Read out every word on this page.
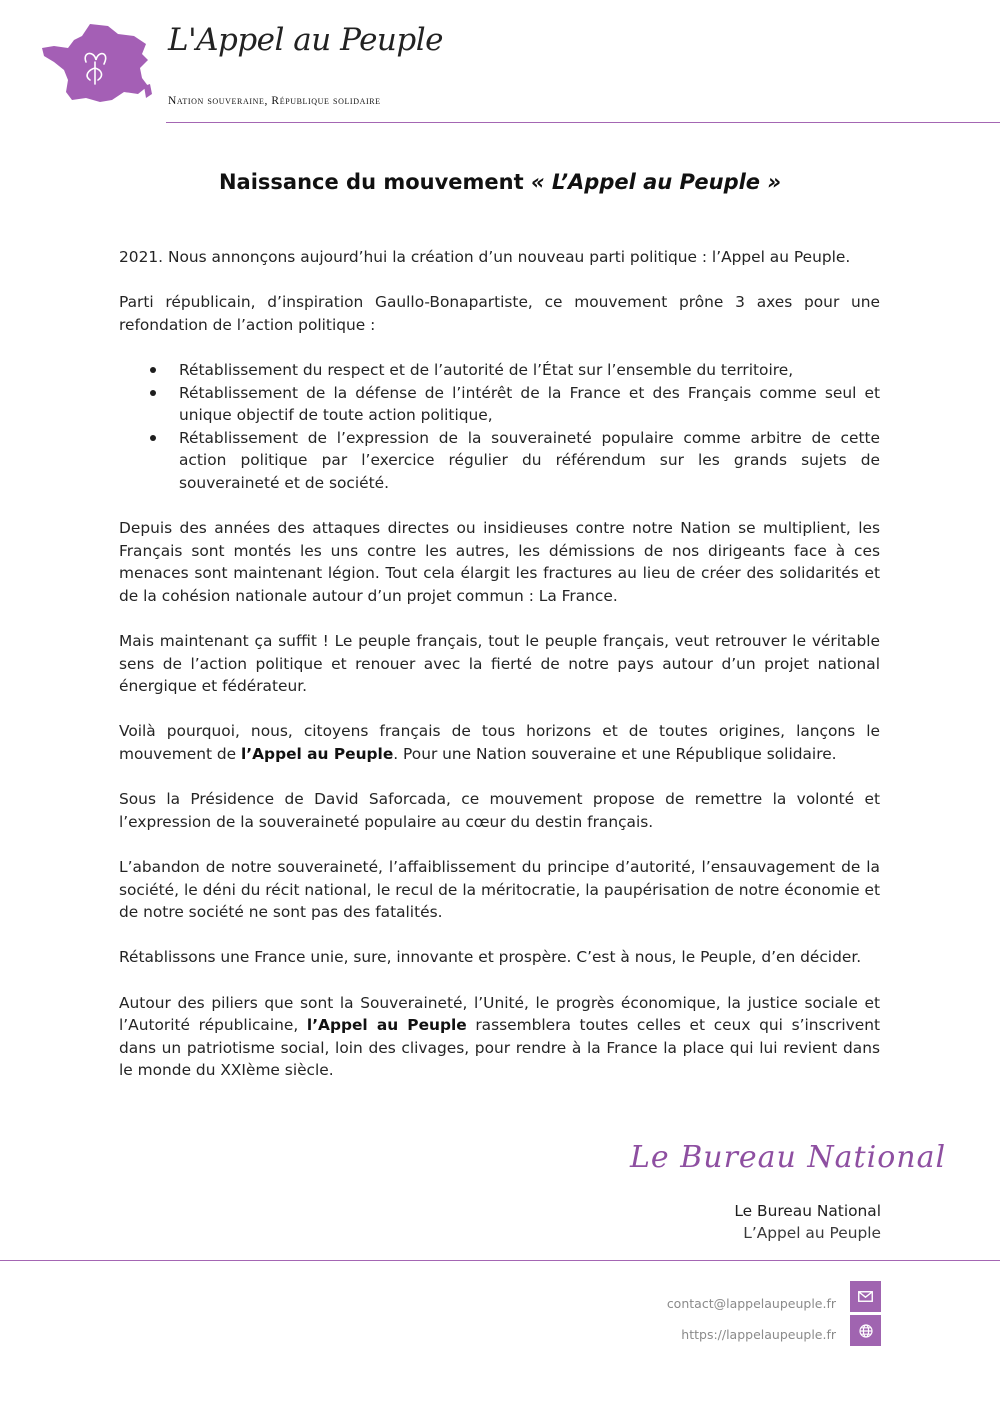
L'Appel au Peuple
Nation souveraine, République solidaire
Naissance du mouvement « L’Appel au Peuple »

2021. Nous annonçons aujourd’hui la création d’un nouveau parti politique : l’Appel au Peuple.

Parti républicain, d’inspiration Gaullo-Bonapartiste, ce mouvement prône 3 axes pour une refondation de l’action politique :

Rétablissement du respect et de l’autorité de l’État sur l’ensemble du territoire,
Rétablissement de la défense de l’intérêt de la France et des Français comme seul et unique objectif de toute action politique,
Rétablissement de l’expression de la souveraineté populaire comme arbitre de cette action politique par l’exercice régulier du référendum sur les grands sujets de souveraineté et de société.

Depuis des années des attaques directes ou insidieuses contre notre Nation se multiplient, les Français sont montés les uns contre les autres, les démissions de nos dirigeants face à ces menaces sont maintenant légion. Tout cela élargit les fractures au lieu de créer des solidarités et de la cohésion nationale autour d’un projet commun : La France.

Mais maintenant ça suffit ! Le peuple français, tout le peuple français, veut retrouver le véritable sens de l’action politique et renouer avec la fierté de notre pays autour d’un projet national énergique et fédérateur.

Voilà pourquoi, nous, citoyens français de tous horizons et de toutes origines, lançons le mouvement de l’Appel au Peuple. Pour une Nation souveraine et une République solidaire.

Sous la Présidence de David Saforcada, ce mouvement propose de remettre la volonté et l’expression de la souveraineté populaire au cœur du destin français.

L’abandon de notre souveraineté, l’affaiblissement du principe d’autorité, l’ensauvagement de la société, le déni du récit national, le recul de la méritocratie, la paupérisation de notre économie et de notre société ne sont pas des fatalités.

Rétablissons une France unie, sure, innovante et prospère. C’est à nous, le Peuple, d’en décider.

Autour des piliers que sont la Souveraineté, l’Unité, le progrès économique, la justice sociale et l’Autorité républicaine, l’Appel au Peuple rassemblera toutes celles et ceux qui s’inscrivent dans un patriotisme social, loin des clivages, pour rendre à la France la place qui lui revient dans le monde du XXIème siècle.

Le Bureau National
Le Bureau National
L’Appel au Peuple
contact@lappelaupeuple.fr
https://lappelaupeuple.fr
